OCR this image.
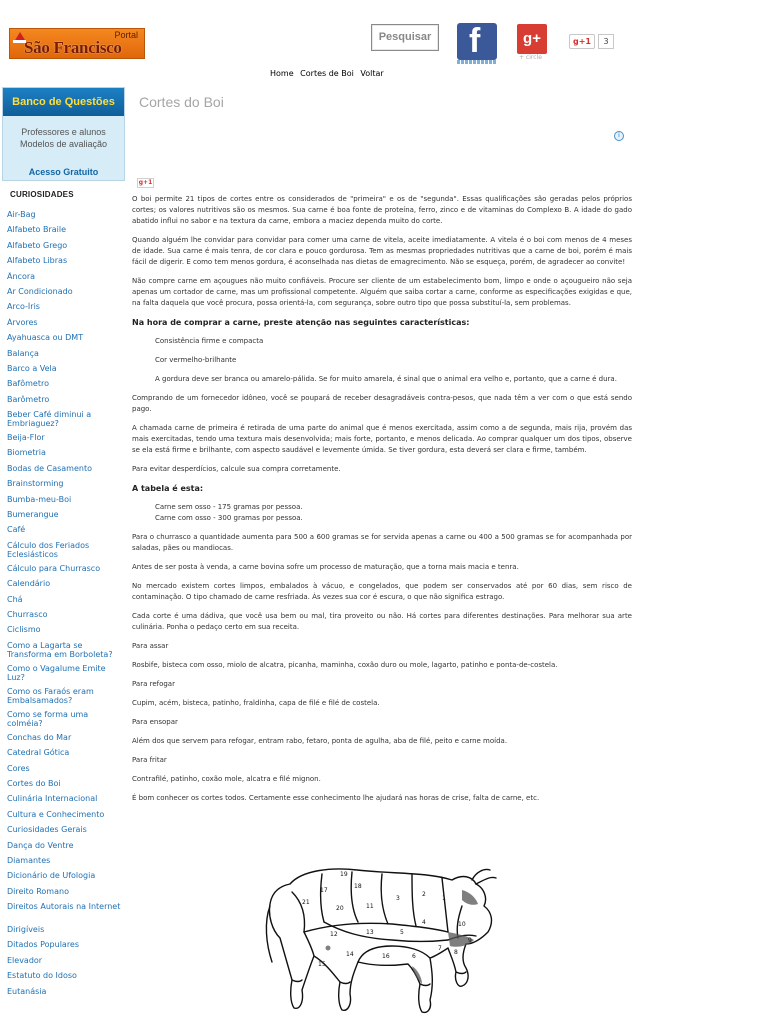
Portal
São Francisco
Pesquisar f	g+
+ circle
g+1	3
Home Cortes de Boi Voltar
Banco de Questões
Professores e alunos
Modelos de avaliação
Acesso Gratuito
CURIOSIDADES
Air-Bag
Alfabeto Braile
Alfabeto Grego
Alfabeto Libras
Âncora
Ar Condicionado
Arco-Íris
Árvores
Ayahuasca ou DMT
Balança
Barco a Vela
Bafômetro
Barômetro
Beber Café diminui a Embriaguez?
Beija-Flor
Biometria
Bodas de Casamento
Brainstorming
Bumba-meu-Boi
Bumerangue
Café
Cálculo dos Feriados Eclesiásticos
Cálculo para Churrasco
Calendário
Chá
Churrasco
Ciclismo
Como a Lagarta se Transforma em Borboleta?
Como o Vagalume Emite Luz?
Como os Faraós eram Embalsamados?
Como se forma uma colméia?
Conchas do Mar
Catedral Gótica
Cores
Cortes do Boi
Culinária Internacional
Cultura e Conhecimento
Curiosidades Gerais
Dança do Ventre
Diamantes
Dicionário de Ufologia
Direito Romano
Direitos Autorais na Internet
Dirigíveis
Ditados Populares
Elevador
Estatuto do Idoso
Eutanásia
Cortes do Boi
i
g+1

O boi permite 21 tipos de cortes entre os considerados de "primeira" e os de "segunda". Essas qualificações são geradas pelos próprios cortes; os valores nutritivos são os mesmos. Sua carne é boa fonte de proteína, ferro, zinco e de vitaminas do Complexo B. A idade do gado abatido influi no sabor e na textura da carne, embora a maciez dependa muito do corte.

Quando alguém lhe convidar para convidar para comer uma carne de vitela, aceite imediatamente. A vitela é o boi com menos de 4 meses de idade. Sua carne é mais tenra, de cor clara e pouco gordurosa. Tem as mesmas propriedades nutritivas que a carne de boi, porém é mais fácil de digerir. E como tem menos gordura, é aconselhada nas dietas de emagrecimento. Não se esqueça, porém, de agradecer ao convite!

Não compre carne em açougues não muito confiáveis. Procure ser cliente de um estabelecimento bom, limpo e onde o açougueiro não seja apenas um cortador de carne, mas um profissional competente. Alguém que saiba cortar a carne, conforme as especificações exigidas e que, na falta daquela que você procura, possa orientá-la, com segurança, sobre outro tipo que possa substituí-la, sem problemas.

Na hora de comprar a carne, preste atenção nas seguintes características:

Consistência firme e compacta

Cor vermelho-brilhante

A gordura deve ser branca ou amarelo-pálida. Se for muito amarela, é sinal que o animal era velho e, portanto, que a carne é dura.

Comprando de um fornecedor idôneo, você se poupará de receber desagradáveis contra-pesos, que nada têm a ver com o que está sendo pago.

A chamada carne de primeira é retirada de uma parte do animal que é menos exercitada, assim como a de segunda, mais rija, provém das mais exercitadas, tendo uma textura mais desenvolvida; mais forte, portanto, e menos delicada. Ao comprar qualquer um dos tipos, observe se ela está firme e brilhante, com aspecto saudável e levemente úmida. Se tiver gordura, esta deverá ser clara e firme, também.

Para evitar desperdícios, calcule sua compra corretamente.

A tabela é esta:

Carne sem osso - 175 gramas por pessoa.

Carne com osso - 300 gramas por pessoa.

Para o churrasco a quantidade aumenta para 500 a 600 gramas se for servida apenas a carne ou 400 a 500 gramas se for acompanhada por saladas, pães ou mandiocas.

Antes de ser posta à venda, a carne bovina sofre um processo de maturação, que a torna mais macia e tenra.

No mercado existem cortes limpos, embalados à vácuo, e congelados, que podem ser conservados até por 60 dias, sem risco de contaminação. O tipo chamado de carne resfriada. Às vezes sua cor é escura, o que não significa estrago.

Cada corte é uma dádiva, que você usa bem ou mal, tira proveito ou não. Há cortes para diferentes destinações. Para melhorar sua arte culinária. Ponha o pedaço certo em sua receita.

Para assar

Rosbife, bisteca com osso, miolo de alcatra, picanha, maminha, coxão duro ou mole, lagarto, patinho e ponta-de-costela.

Para refogar

Cupim, acém, bisteca, patinho, fraldinha, capa de filé e filé de costela.

Para ensopar

Além dos que servem para refogar, entram rabo, fetaro, ponta de agulha, aba de filé, peito e carne moída.

Para fritar

Contrafilé, patinho, coxão mole, alcatra e filé mignon.

É bom conhecer os cortes todos. Certamente esse conhecimento lhe ajudará nas horas de crise, falta de carne, etc.

19
18
17
21
20	11
3
2
1
12	13	5
4	10
16	6
7
8
9
14
15
